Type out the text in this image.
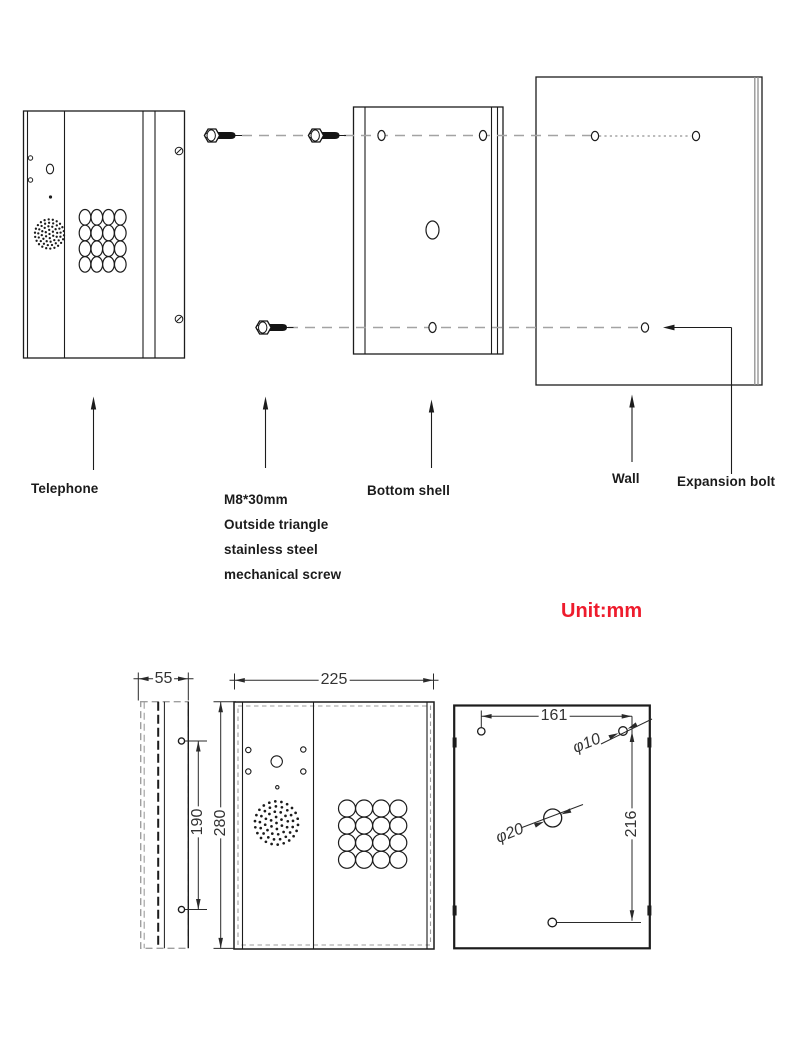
Telephone
M8*30mm
Outside triangle
stainless steel
mechanical screw
Bottom shell
Wall	Expansion bolt
Unit:mm
55	225
190 280
161
216
φ10
φ20
